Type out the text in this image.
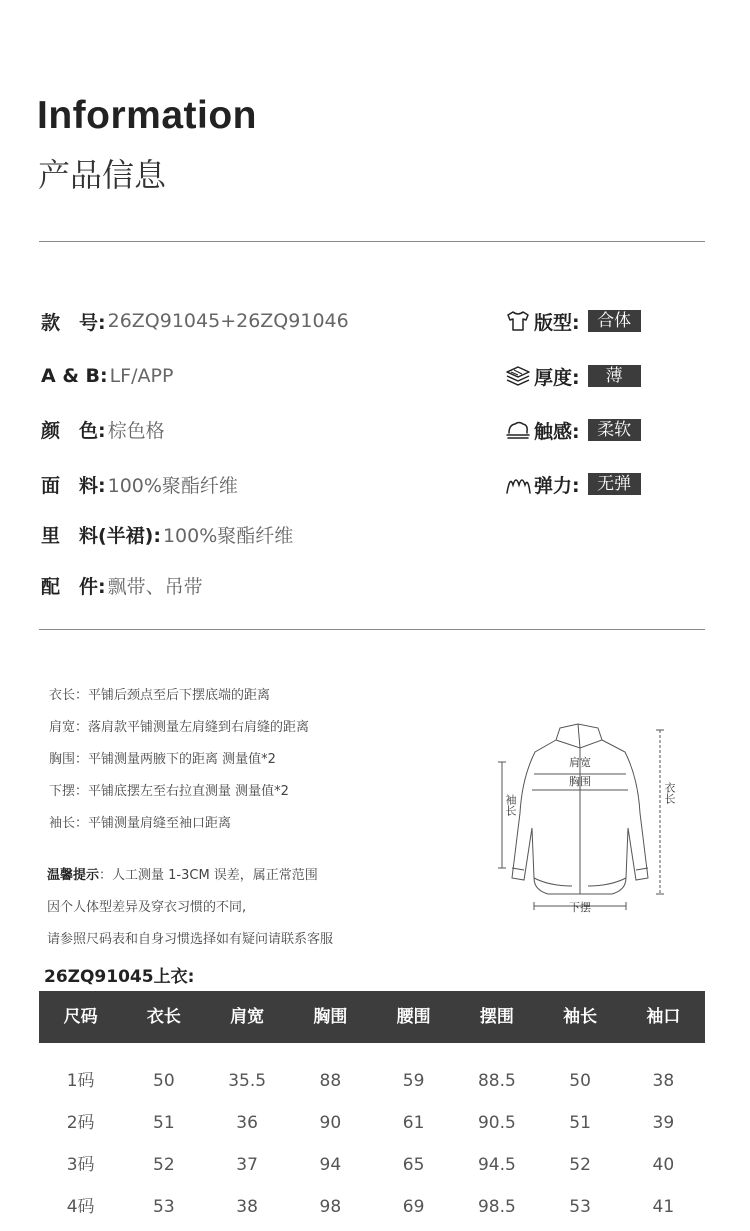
Information
产品信息
款　号: 26ZQ91045+26ZQ91046
A & B: LF/APP
颜　色: 棕色格
面　料: 100%聚酯纤维
里　料(半裙): 100%聚酯纤维
配　件: 飘带、吊带
版型:	合体
厚度:	薄
触感:	柔软
弹力:	无弹
衣长：平铺后颈点至后下摆底端的距离
肩宽：落肩款平铺测量左肩缝到右肩缝的距离
胸围：平铺测量两腋下的距离 测量值*2
下摆：平铺底摆左至右拉直测量 测量值*2
袖长：平铺测量肩缝至袖口距离
温馨提示：人工测量 1-3CM 误差，属正常范围
因个人体型差异及穿衣习惯的不同,
请参照尺码表和自身习惯选择如有疑问请联系客服
肩宽
胸围
下摆
袖长
衣长
26ZQ91045上衣:
尺码	衣长	肩宽	胸围	腰围	摆围	袖长	袖口
1码	50	35.5	88	59	88.5	50	38
2码	51	36	90	61	90.5	51	39
3码	52	37	94	65	94.5	52	40
4码	53	38	98	69	98.5	53	41
